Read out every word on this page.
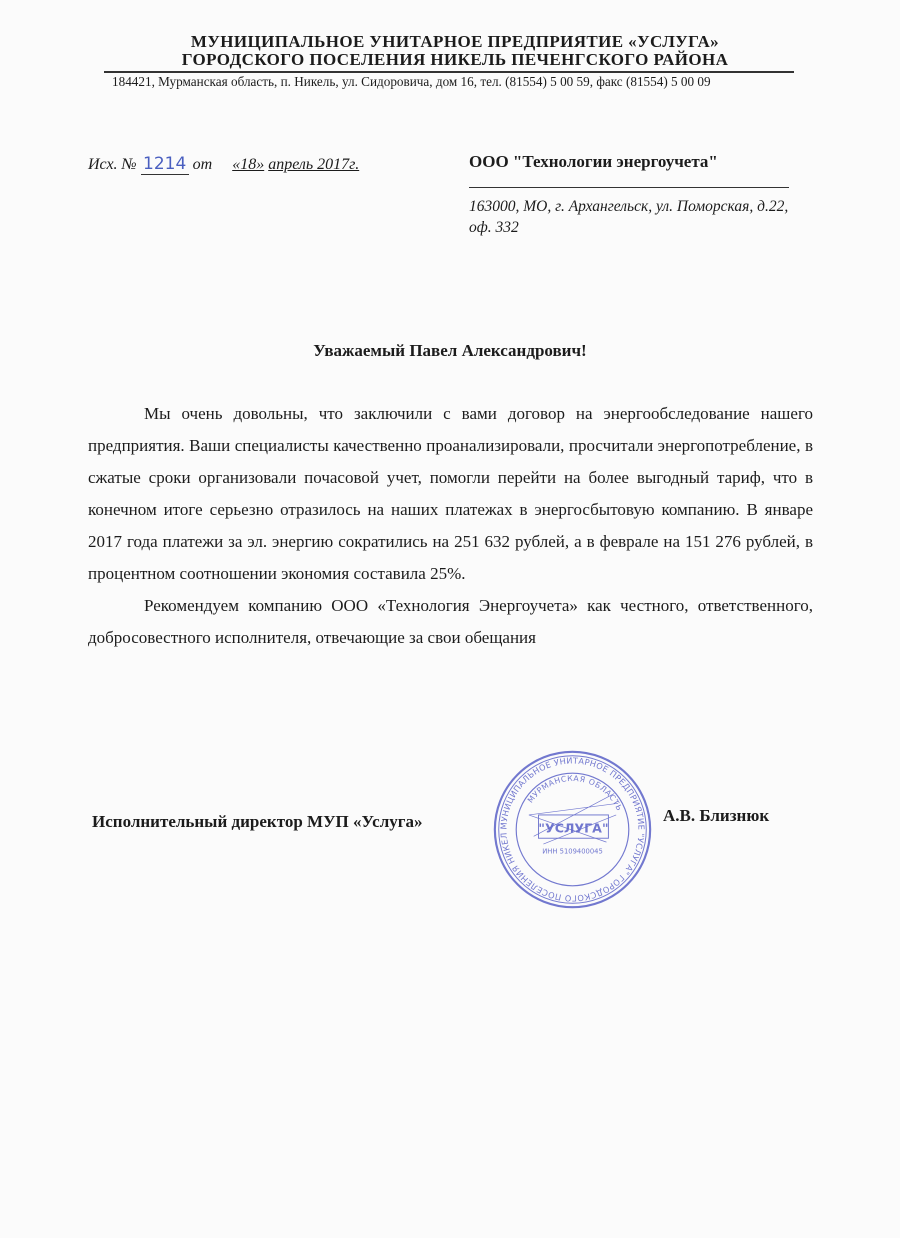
МУНИЦИПАЛЬНОЕ УНИТАРНОЕ ПРЕДПРИЯТИЕ «УСЛУГА»
ГОРОДСКОГО ПОСЕЛЕНИЯ НИКЕЛЬ ПЕЧЕНГСКОГО РАЙОНА
184421, Мурманская область, п. Никель, ул. Сидоровича, дом 16, тел. (81554) 5 00 59, факс (81554) 5 00 09
Исх. № 1214 от «18» апрель 2017г.	ООО "Технологии энергоучета"
163000, МО, г. Архангельск, ул. Поморская, д.22, оф. 332
Уважаемый Павел Александрович!

Мы очень довольны, что заключили с вами договор на энергообследование нашего предприятия. Ваши специалисты качественно проанализировали, просчитали энергопотребление, в сжатые сроки организовали почасовой учет, помогли перейти на более выгодный тариф, что в конечном итоге серьезно отразилось на наших платежах в энергосбытовую компанию. В январе 2017 года платежи за эл. энергию сократились на 251 632 рублей, а в феврале на 151 276 рублей, в процентном соотношении экономия составила 25%.

Рекомендуем компанию ООО «Технология Энергоучета» как честного, ответственного, добросовестного исполнителя, отвечающие за свои обещания

Исполнительный директор МУП «Услуга»	А.В. Близнюк
МУНИЦИПАЛЬНОЕ УНИТАРНОЕ ПРЕДПРИЯТИЕ "УСЛУГА" ГОРОДСКОГО ПОСЕЛЕНИЯ НИКЕЛ
МУРМАНСКАЯ ОБЛАСТЬ
"УСЛУГА"
ИНН 5109400045
